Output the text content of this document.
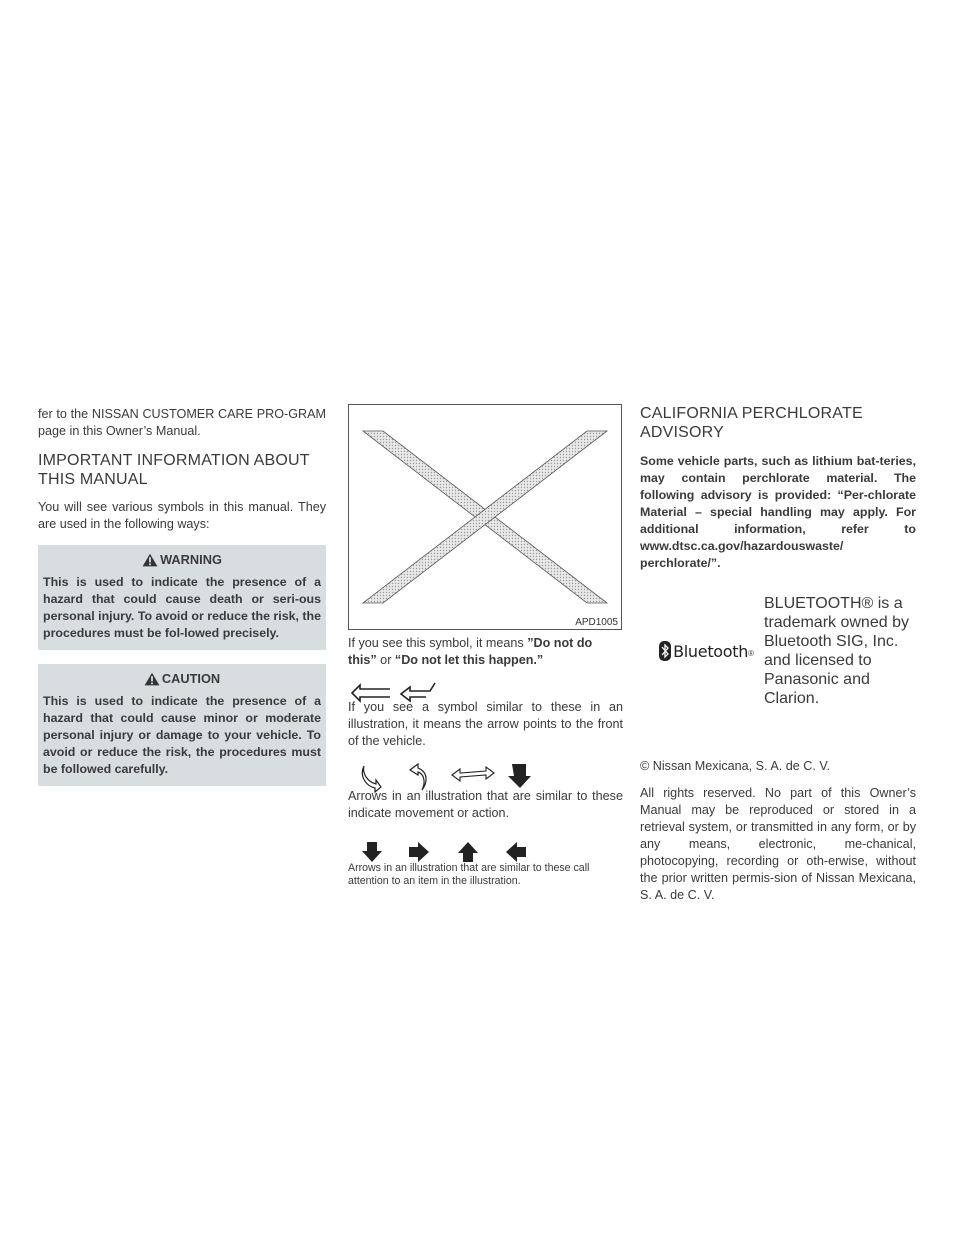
fer to the NISSAN CUSTOMER CARE PRO-GRAM page in this Owner’s Manual.

IMPORTANT INFORMATION ABOUT THIS MANUAL

You will see various symbols in this manual. They are used in the following ways:

WARNING
This is used to indicate the presence of a hazard that could cause death or seri-ous personal injury. To avoid or reduce the risk, the procedures must be fol-lowed precisely.
CAUTION
This is used to indicate the presence of a hazard that could cause minor or moderate personal injury or damage to your vehicle. To avoid or reduce the risk, the procedures must be followed carefully.
APD1005

If you see this symbol, it means ”Do not do this” or “Do not let this happen.”

If you see a symbol similar to these in an illustration, it means the arrow points to the front of the vehicle.

Arrows in an illustration that are similar to these indicate movement or action.

Arrows in an illustration that are similar to these call attention to an item in the illustration.

CALIFORNIA PERCHLORATE ADVISORY

Some vehicle parts, such as lithium bat-teries, may contain perchlorate material. The following advisory is provided: “Per-chlorate Material – special handling may apply. For additional information, refer to www.dtsc.ca.gov/hazardouswaste/ perchlorate/”.

Bluetooth ®
BLUETOOTH® is a trademark owned by Bluetooth SIG, Inc. and licensed to Panasonic and Clarion.

© Nissan Mexicana, S. A. de C. V.

All rights reserved. No part of this Owner’s Manual may be reproduced or stored in a retrieval system, or transmitted in any form, or by any means, electronic, me-chanical, photocopying, recording or oth-erwise, without the prior written permis-sion of Nissan Mexicana, S. A. de C. V.
